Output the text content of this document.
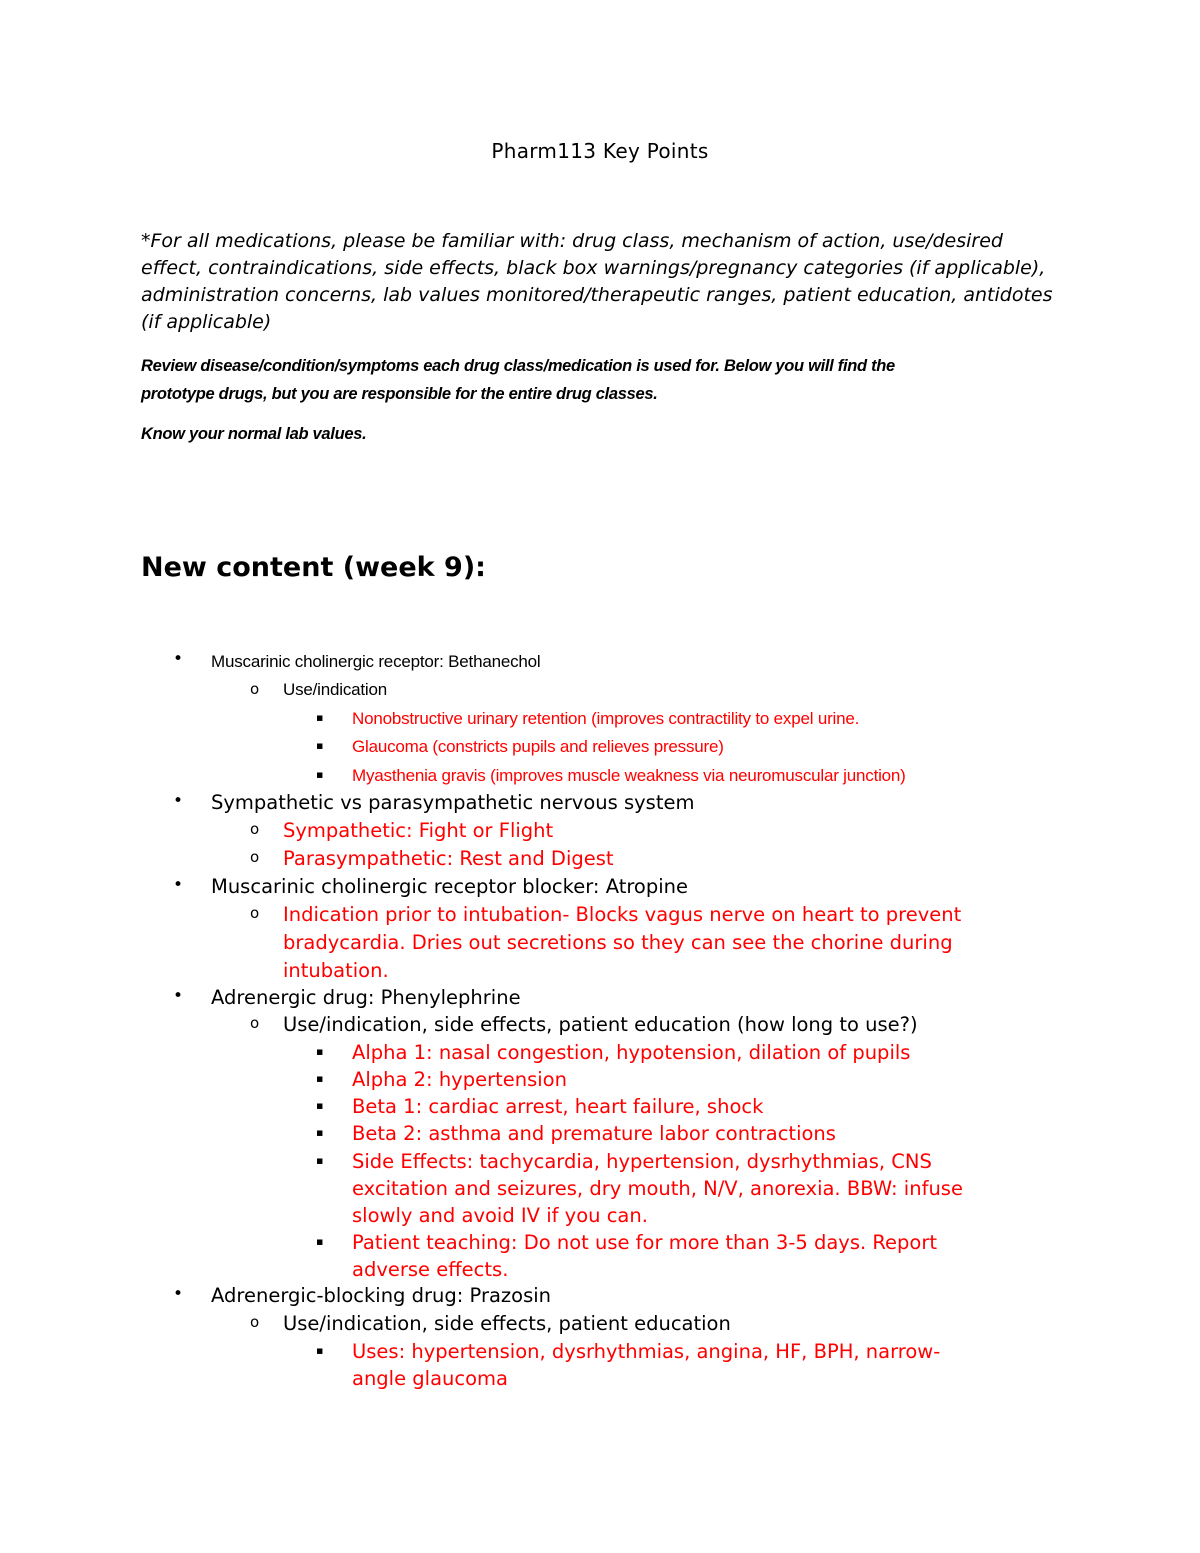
Pharm113 Key Points
*For all medications, please be familiar with: drug class, mechanism of action, use/desired effect, contraindications, side effects, black box warnings/pregnancy categories (if applicable), administration concerns, lab values monitored/therapeutic ranges, patient education, antidotes (if applicable)
Review disease/condition/symptoms each drug class/medication is used for. Below you will find the
prototype drugs, but you are responsible for the entire drug classes.
Know your normal lab values.
New content (week 9):
• Muscarinic cholinergic receptor: Bethanechol
o Use/indication
▪ Nonobstructive urinary retention (improves contractility to expel urine.
▪ Glaucoma (constricts pupils and relieves pressure)
▪ Myasthenia gravis (improves muscle weakness via neuromuscular junction)
• Sympathetic vs parasympathetic nervous system
o Sympathetic: Fight or Flight
o Parasympathetic: Rest and Digest
• Muscarinic cholinergic receptor blocker: Atropine
o Indication prior to intubation- Blocks vagus nerve on heart to prevent
bradycardia. Dries out secretions so they can see the chorine during
intubation.
• Adrenergic drug: Phenylephrine
o Use/indication, side effects, patient education (how long to use?)
▪ Alpha 1: nasal congestion, hypotension, dilation of pupils
▪ Alpha 2: hypertension
▪ Beta 1: cardiac arrest, heart failure, shock
▪ Beta 2: asthma and premature labor contractions
▪ Side Effects: tachycardia, hypertension, dysrhythmias, CNS
excitation and seizures, dry mouth, N/V, anorexia. BBW: infuse
slowly and avoid IV if you can.
▪ Patient teaching: Do not use for more than 3-5 days. Report
adverse effects.
• Adrenergic-blocking drug: Prazosin
o Use/indication, side effects, patient education
▪ Uses: hypertension, dysrhythmias, angina, HF, BPH, narrow-
angle glaucoma
